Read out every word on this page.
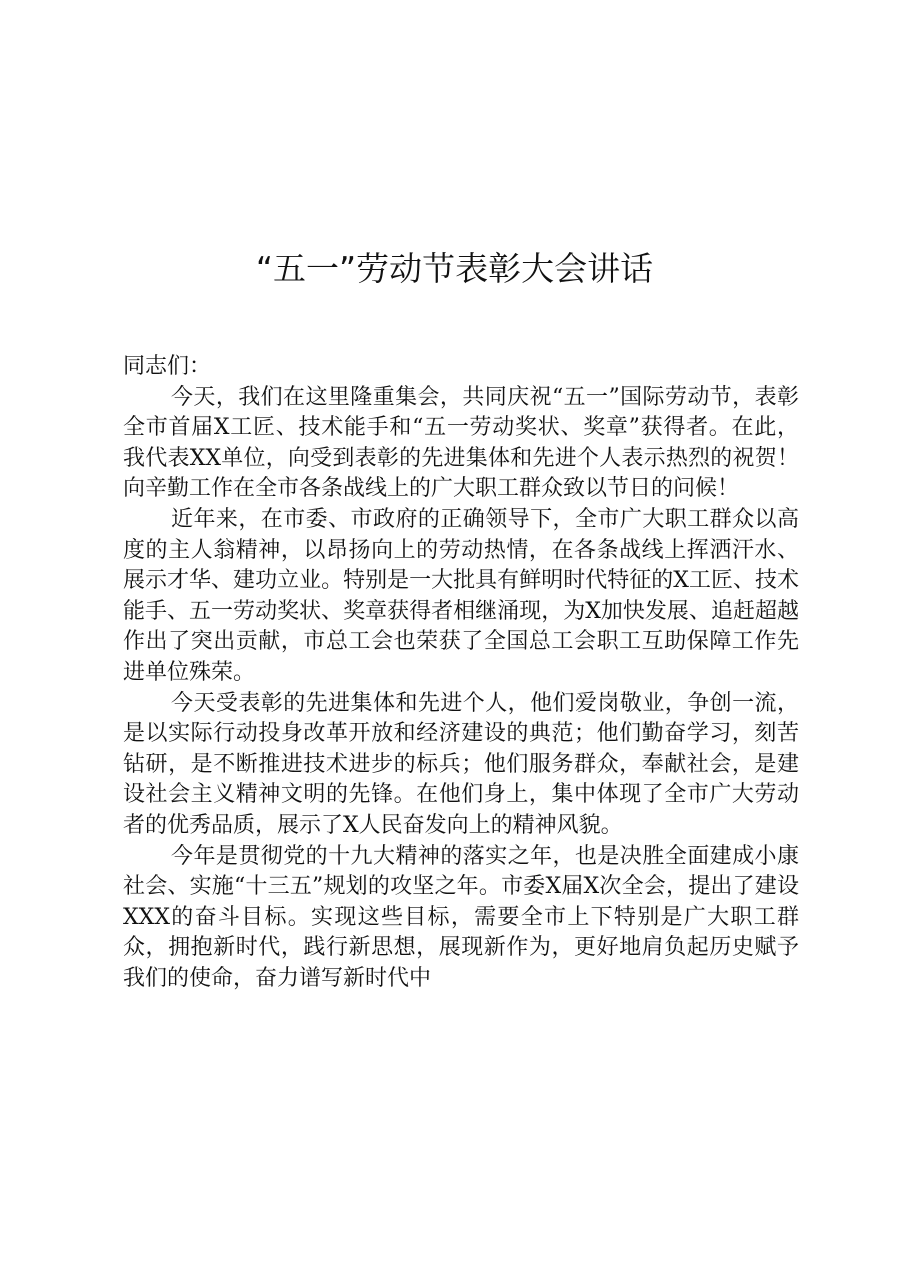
“五一”劳动节表彰大会讲话

同志们：

今天，我们在这里隆重集会，共同庆祝“五一”国际劳动节，表彰全市首届X工匠、技术能手和“五一劳动奖状、奖章”获得者。在此，我代表XX单位，向受到表彰的先进集体和先进个人表示热烈的祝贺！向辛勤工作在全市各条战线上的广大职工群众致以节日的问候！

近年来，在市委、市政府的正确领导下，全市广大职工群众以高度的主人翁精神，以昂扬向上的劳动热情，在各条战线上挥洒汗水、展示才华、建功立业。特别是一大批具有鲜明时代特征的X工匠、技术能手、五一劳动奖状、奖章获得者相继涌现，为X加快发展、追赶超越作出了突出贡献，市总工会也荣获了全国总工会职工互助保障工作先进单位殊荣。

今天受表彰的先进集体和先进个人，他们爱岗敬业，争创一流，是以实际行动投身改革开放和经济建设的典范；他们勤奋学习，刻苦钻研，是不断推进技术进步的标兵；他们服务群众，奉献社会，是建设社会主义精神文明的先锋。在他们身上，集中体现了全市广大劳动者的优秀品质，展示了X人民奋发向上的精神风貌。

今年是贯彻党的十九大精神的落实之年，也是决胜全面建成小康社会、实施“十三五”规划的攻坚之年。市委X届X次全会，提出了建设XXX的奋斗目标。实现这些目标，需要全市上下特别是广大职工群众，拥抱新时代，践行新思想，展现新作为，更好地肩负起历史赋予我们的使命，奋力谱写新时代中
